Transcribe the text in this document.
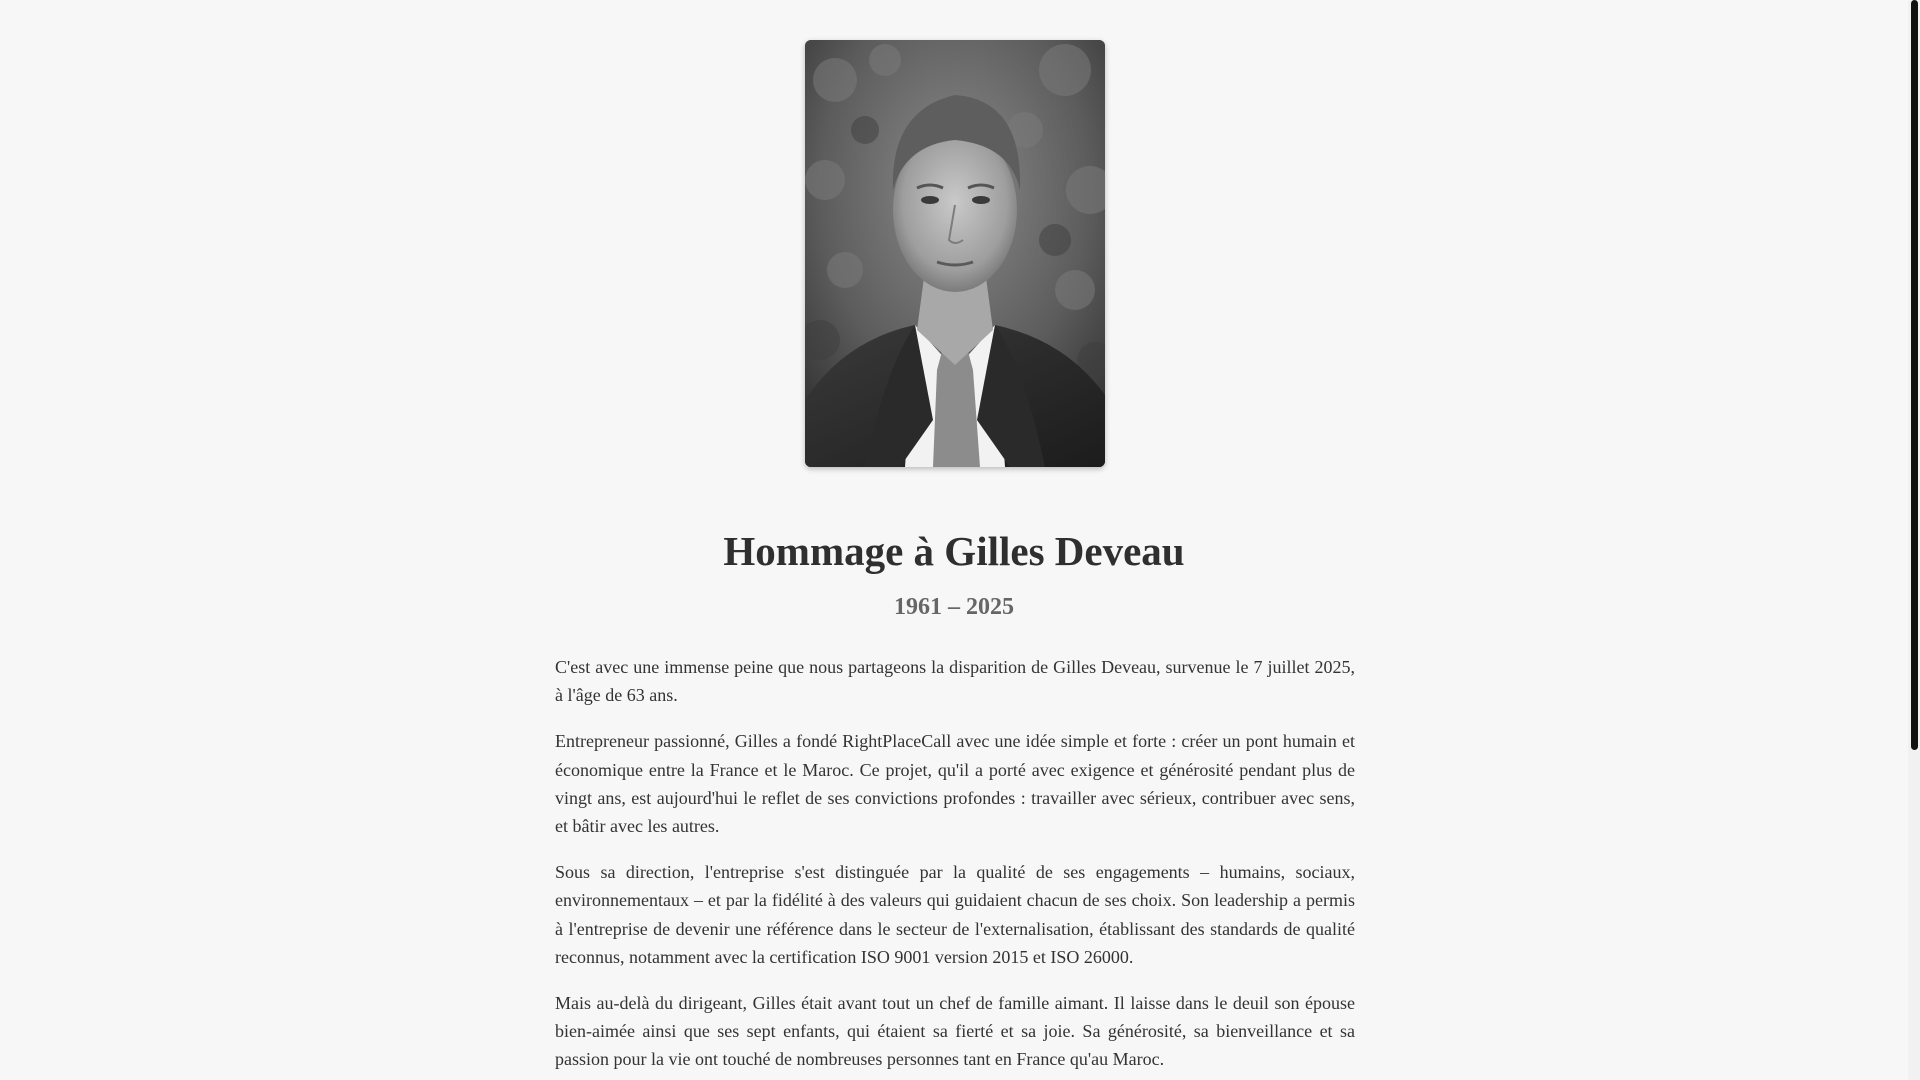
Hommage à Gilles Deveau
1961 – 2025

C'est avec une immense peine que nous partageons la disparition de Gilles Deveau, survenue le 7 juillet 2025, à l'âge de 63 ans.

Entrepreneur passionné, Gilles a fondé RightPlaceCall avec une idée simple et forte : créer un pont humain et économique entre la France et le Maroc. Ce projet, qu'il a porté avec exigence et générosité pendant plus de vingt ans, est aujourd'hui le reflet de ses convictions profondes : travailler avec sérieux, contribuer avec sens, et bâtir avec les autres.

Sous sa direction, l'entreprise s'est distinguée par la qualité de ses engagements – humains, sociaux, environnementaux – et par la fidélité à des valeurs qui guidaient chacun de ses choix. Son leadership a permis à l'entreprise de devenir une référence dans le secteur de l'externalisation, établissant des standards de qualité reconnus, notamment avec la certification ISO 9001 version 2015 et ISO 26000.

Mais au-delà du dirigeant, Gilles était avant tout un chef de famille aimant. Il laisse dans le deuil son épouse bien-aimée ainsi que ses sept enfants, qui étaient sa fierté et sa joie. Sa générosité, sa bienveillance et sa passion pour la vie ont touché de nombreuses personnes tant en France qu'au Maroc.
